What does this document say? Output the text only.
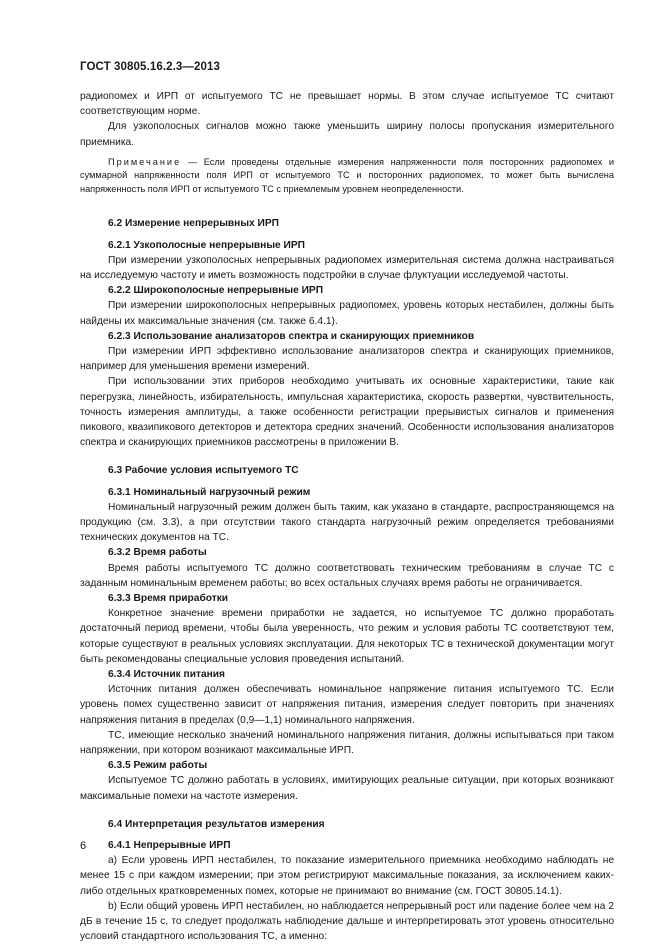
ГОСТ 30805.16.2.3—2013

радиопомех и ИРП от испытуемого ТС не превышает нормы. В этом случае испытуемое ТС считают соответствующим норме.

Для узкополосных сигналов можно также уменьшить ширину полосы пропускания измерительного приемника.

Примечание — Если проведены отдельные измерения напряженности поля посторонних радиопомех и суммарной напряженности поля ИРП от испытуемого ТС и посторонних радиопомех, то может быть вычислена напряженность поля ИРП от испытуемого ТС с приемлемым уровнем неопределенности.

6.2 Измерение непрерывных ИРП

6.2.1 Узкополосные непрерывные ИРП

При измерении узкополосных непрерывных радиопомех измерительная система должна настраиваться на исследуемую частоту и иметь возможность подстройки в случае флуктуации исследуемой частоты.

6.2.2 Широкополосные непрерывные ИРП

При измерении широкополосных непрерывных радиопомех, уровень которых нестабилен, должны быть найдены их максимальные значения (см. также 6.4.1).

6.2.3 Использование анализаторов спектра и сканирующих приемников

При измерении ИРП эффективно использование анализаторов спектра и сканирующих приемников, например для уменьшения времени измерений.

При использовании этих приборов необходимо учитывать их основные характеристики, такие как перегрузка, линейность, избирательность, импульсная характеристика, скорость развертки, чувствительность, точность измерения амплитуды, а также особенности регистрации прерывистых сигналов и применения пикового, квазипикового детекторов и детектора средних значений. Особенности использования анализаторов спектра и сканирующих приемников рассмотрены в приложении В.

6.3 Рабочие условия испытуемого ТС

6.3.1 Номинальный нагрузочный режим

Номинальный нагрузочный режим должен быть таким, как указано в стандарте, распространяющемся на продукцию (см. 3.3), а при отсутствии такого стандарта нагрузочный режим определяется требованиями технических документов на ТС.

6.3.2 Время работы

Время работы испытуемого ТС должно соответствовать техническим требованиям в случае ТС с заданным номинальным временем работы; во всех остальных случаях время работы не ограничивается.

6.3.3 Время приработки

Конкретное значение времени приработки не задается, но испытуемое ТС должно проработать достаточный период времени, чтобы была уверенность, что режим и условия работы ТС соответствуют тем, которые существуют в реальных условиях эксплуатации. Для некоторых ТС в технической документации могут быть рекомендованы специальные условия проведения испытаний.

6.3.4 Источник питания

Источник питания должен обеспечивать номинальное напряжение питания испытуемого ТС. Если уровень помех существенно зависит от напряжения питания, измерения следует повторить при значениях напряжения питания в пределах (0,9—1,1) номинального напряжения.

ТС, имеющие несколько значений номинального напряжения питания, должны испытываться при таком напряжении, при котором возникают максимальные ИРП.

6.3.5 Режим работы

Испытуемое ТС должно работать в условиях, имитирующих реальные ситуации, при которых возникают максимальные помехи на частоте измерения.

6.4 Интерпретация результатов измерения

6.4.1 Непрерывные ИРП

а) Если уровень ИРП нестабилен, то показание измерительного приемника необходимо наблюдать не менее 15 с при каждом измерении; при этом регистрируют максимальные показания, за исключением каких-либо отдельных кратковременных помех, которые не принимают во внимание (см. ГОСТ 30805.14.1).

b) Если общий уровень ИРП нестабилен, но наблюдается непрерывный рост или падение более чем на 2 дБ в течение 15 с, то следует продолжать наблюдение дальше и интерпретировать этот уровень относительно условий стандартного использования ТС, а именно:

6
